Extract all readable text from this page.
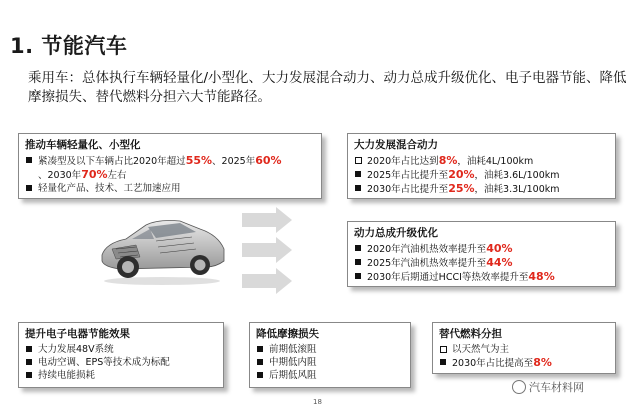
1. 节能汽车
乘用车：总体执行车辆轻量化/小型化、大力发展混合动力、动力总成升级优化、电子电器节能、降低摩擦损失、替代燃料分担六大节能路径。
推动车辆轻量化、小型化
紧凑型及以下车辆占比2020年超过55%、2025年60%
、2030年70%左右
轻量化产品、技术、工艺加速应用
大力发展混合动力
2020年占比达到8%，油耗4L/100km
2025年占比提升至20%，油耗3.6L/100km
2030年占比提升至25%，油耗3.3L/100km
动力总成升级优化
2020年汽油机热效率提升至40%
2025年汽油机热效率提升至44%
2030年后期通过HCCI等热效率提升至48%
提升电子电器节能效果
大力发展48V系统
电动空调、EPS等技术成为标配
持续电能损耗
降低摩擦损失
前期低滚阻
中期低内阻
后期低风阻
替代燃料分担
以天然气为主
2030年占比提高至8%
18
汽车材料网
